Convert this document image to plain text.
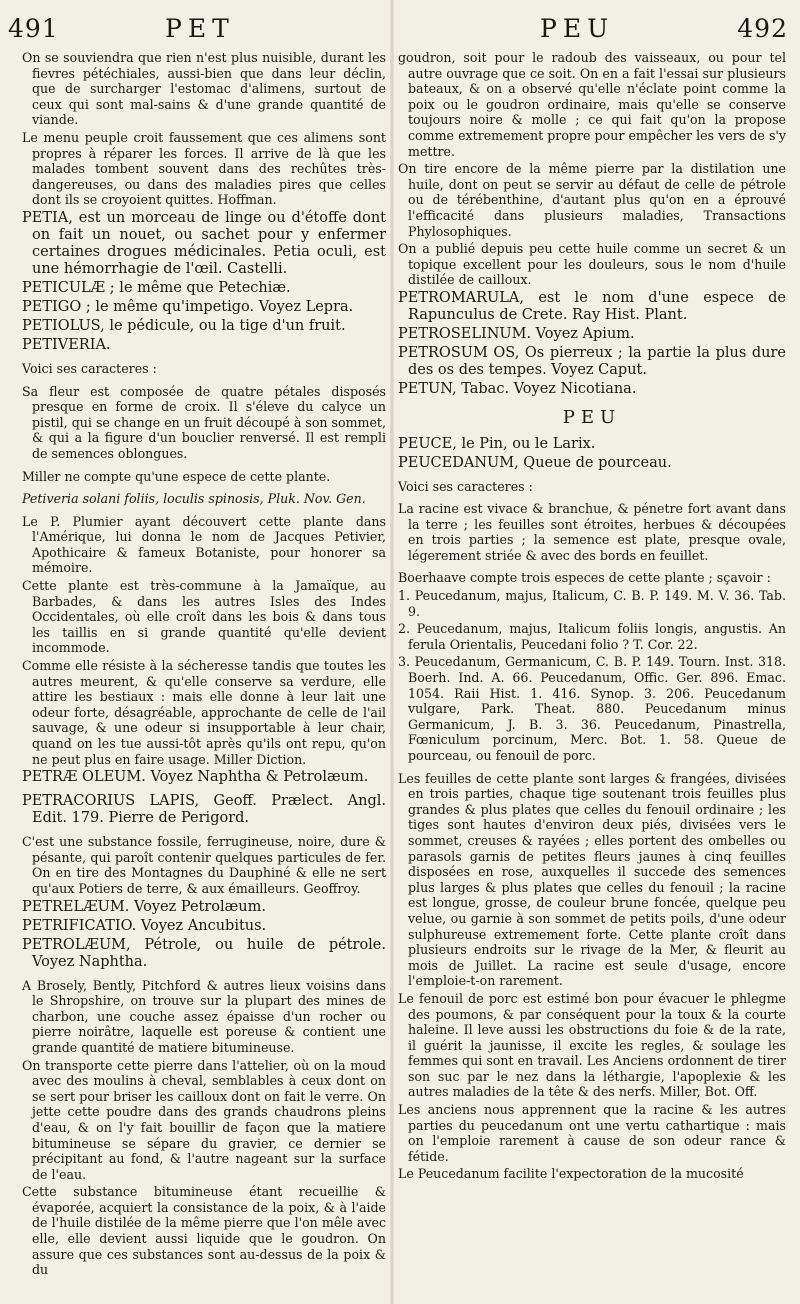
491	PET	PEU	492

On se souviendra que rien n'est plus nuisible, durant les fievres pétéchiales, aussi-bien que dans leur déclin, que de surcharger l'estomac d'alimens, surtout de ceux qui sont mal-sains & d'une grande quantité de viande.

Le menu peuple croit faussement que ces alimens sont propres à réparer les forces. Il arrive de là que les malades tombent souvent dans des rechûtes très-dangereuses, ou dans des maladies pires que celles dont ils se croyoient quittes. Hoffman.

PETIA, est un morceau de linge ou d'étoffe dont on fait un nouet, ou sachet pour y enfermer certaines drogues médicinales. Petia oculi, est une hémorrhagie de l'œil. Castelli.

PETICULÆ ; le même que Petechiæ.

PETIGO ; le même qu'impetigo. Voyez Lepra.

PETIOLUS, le pédicule, ou la tige d'un fruit.

PETIVERIA.

Voici ses caracteres :

Sa fleur est composée de quatre pétales disposés presque en forme de croix. Il s'éleve du calyce un pistil, qui se change en un fruit découpé à son sommet, & qui a la figure d'un bouclier renversé. Il est rempli de semences oblongues.

Miller ne compte qu'une espece de cette plante.

Petiveria solani foliis, loculis spinosis, Pluk. Nov. Gen.

Le P. Plumier ayant découvert cette plante dans l'Amérique, lui donna le nom de Jacques Petivier, Apothicaire & fameux Botaniste, pour honorer sa mémoire.

Cette plante est très-commune à la Jamaïque, au Barbades, & dans les autres Isles des Indes Occidentales, où elle croît dans les bois & dans tous les taillis en si grande quantité qu'elle devient incommode.

Comme elle résiste à la sécheresse tandis que toutes les autres meurent, & qu'elle conserve sa verdure, elle attire les bestiaux : mais elle donne à leur lait une odeur forte, désagréable, approchante de celle de l'ail sauvage, & une odeur si insupportable à leur chair, quand on les tue aussi-tôt après qu'ils ont repu, qu'on ne peut plus en faire usage. Miller Diction.

PETRÆ OLEUM. Voyez Naphtha & Petrolæum.

PETRACORIUS LAPIS, Geoff. Prælect. Angl. Edit. 179. Pierre de Perigord.

C'est une substance fossile, ferrugineuse, noire, dure & pésante, qui paroît contenir quelques particules de fer. On en tire des Montagnes du Dauphiné & elle ne sert qu'aux Potiers de terre, & aux émailleurs. Geoffroy.

PETRELÆUM. Voyez Petrolæum.

PETRIFICATIO. Voyez Ancubitus.

PETROLÆUM, Pétrole, ou huile de pétrole. Voyez Naphtha.

A Brosely, Bently, Pitchford & autres lieux voisins dans le Shropshire, on trouve sur la plupart des mines de charbon, une couche assez épaisse d'un rocher ou pierre noirâtre, laquelle est poreuse & contient une grande quantité de matiere bitumineuse.

On transporte cette pierre dans l'attelier, où on la moud avec des moulins à cheval, semblables à ceux dont on se sert pour briser les cailloux dont on fait le verre. On jette cette poudre dans des grands chaudrons pleins d'eau, & on l'y fait bouillir de façon que la matiere bitumineuse se sépare du gravier, ce dernier se précipitant au fond, & l'autre nageant sur la surface de l'eau.

Cette substance bitumineuse étant recueillie & évaporée, acquiert la consistance de la poix, & à l'aide de l'huile distilée de la même pierre que l'on mêle avec elle, elle devient aussi liquide que le goudron. On assure que ces substances sont au-dessus de la poix & du

goudron, soit pour le radoub des vaisseaux, ou pour tel autre ouvrage que ce soit. On en a fait l'essai sur plusieurs bateaux, & on a observé qu'elle n'éclate point comme la poix ou le goudron ordinaire, mais qu'elle se conserve toujours noire & molle ; ce qui fait qu'on la propose comme extremement propre pour empêcher les vers de s'y mettre.

On tire encore de la même pierre par la distilation une huile, dont on peut se servir au défaut de celle de pétrole ou de térébenthine, d'autant plus qu'on en a éprouvé l'efficacité dans plusieurs maladies, Transactions Phylosophiques.

On a publié depuis peu cette huile comme un secret & un topique excellent pour les douleurs, sous le nom d'huile distilée de cailloux.

PETROMARULA, est le nom d'une espece de Rapunculus de Crete. Ray Hist. Plant.

PETROSELINUM. Voyez Apium.

PETROSUM OS, Os pierreux ; la partie la plus dure des os des tempes. Voyez Caput.

PETUN, Tabac. Voyez Nicotiana.

PEU

PEUCE, le Pin, ou le Larix.

PEUCEDANUM, Queue de pourceau.

Voici ses caracteres :

La racine est vivace & branchue, & pénetre fort avant dans la terre ; les feuilles sont étroites, herbues & découpées en trois parties ; la semence est plate, presque ovale, légerement striée & avec des bords en feuillet.

Boerhaave compte trois especes de cette plante ; sçavoir :

1. Peucedanum, majus, Italicum, C. B. P. 149. M. V. 36. Tab. 9.

2. Peucedanum, majus, Italicum foliis longis, angustis. An ferula Orientalis, Peucedani folio ? T. Cor. 22.

3. Peucedanum, Germanicum, C. B. P. 149. Tourn. Inst. 318. Boerh. Ind. A. 66. Peucedanum, Offic. Ger. 896. Emac. 1054. Raii Hist. 1. 416. Synop. 3. 206. Peucedanum vulgare, Park. Theat. 880. Peucedanum minus Germanicum, J. B. 3. 36. Peucedanum, Pinastrella, Fœniculum porcinum, Merc. Bot. 1. 58. Queue de pourceau, ou fenouil de porc.

Les feuilles de cette plante sont larges & frangées, divisées en trois parties, chaque tige soutenant trois feuilles plus grandes & plus plates que celles du fenouil ordinaire ; les tiges sont hautes d'environ deux piés, divisées vers le sommet, creuses & rayées ; elles portent des ombelles ou parasols garnis de petites fleurs jaunes à cinq feuilles disposées en rose, auxquelles il succede des semences plus larges & plus plates que celles du fenouil ; la racine est longue, grosse, de couleur brune foncée, quelque peu velue, ou garnie à son sommet de petits poils, d'une odeur sulphureuse extremement forte. Cette plante croît dans plusieurs endroits sur le rivage de la Mer, & fleurit au mois de Juillet. La racine est seule d'usage, encore l'emploie-t-on rarement.

Le fenouil de porc est estimé bon pour évacuer le phlegme des poumons, & par conséquent pour la toux & la courte haleine. Il leve aussi les obstructions du foie & de la rate, il guérit la jaunisse, il excite les regles, & soulage les femmes qui sont en travail. Les Anciens ordonnent de tirer son suc par le nez dans la léthargie, l'apoplexie & les autres maladies de la tête & des nerfs. Miller, Bot. Off.

Les anciens nous apprennent que la racine & les autres parties du peucedanum ont une vertu cathartique : mais on l'emploie rarement à cause de son odeur rance & fétide.

Le Peucedanum facilite l'expectoration de la mucosité
